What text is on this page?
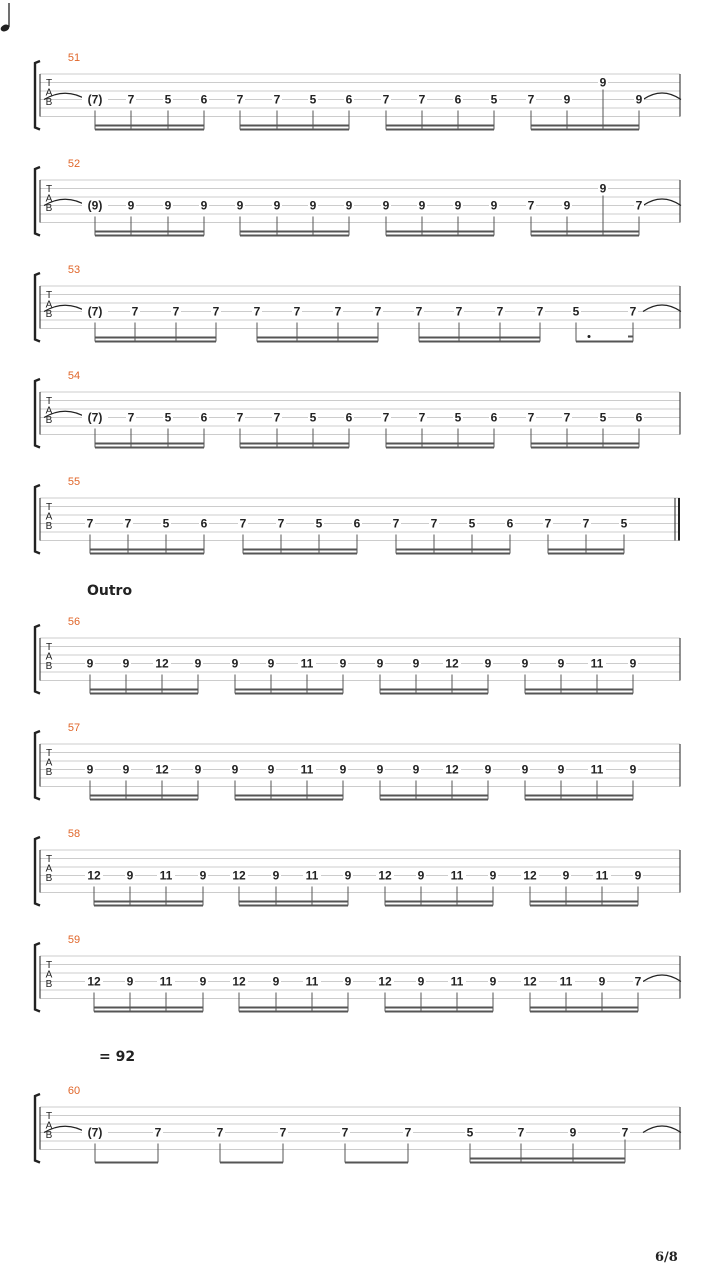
51
T
A
B	(7) 7	5 6 7	7 5 6	7 7 6 5	7 9
9
9
52
T
A
B	(9) 9	9 9 9	9 9 9	9 9 9 9	7 9
9
7
53
T
A
B	(7) 7	7	7	7	7	7	7	7	7	7	7 5	7
54
T
A
B	(7) 7	5 6 7	7 5 6	7 7 5 6	7 7 5 6
55
T
A
B	7	7	5	6	7	7	5	6	7	7	5	6	7	7	5
56
T
A
B	9 9 12 9	9 9 11 9	9 9 12 9	9 9 11 9
57
T
A
B	9 9 12 9	9 9 11 9	9 9 12 9	9 9 11 9
58
T
A
B	12 9 11 9 12 9 11 9 12 9 11 9 12 9 11 9
59
T
A
B	12 9 11 9 12 9 11 9 12 9 11 9 12 11 9 7
60
T
A
B	(7)	7	7	7	7	7	5	7	9	7
Outro
= 92
6/8
